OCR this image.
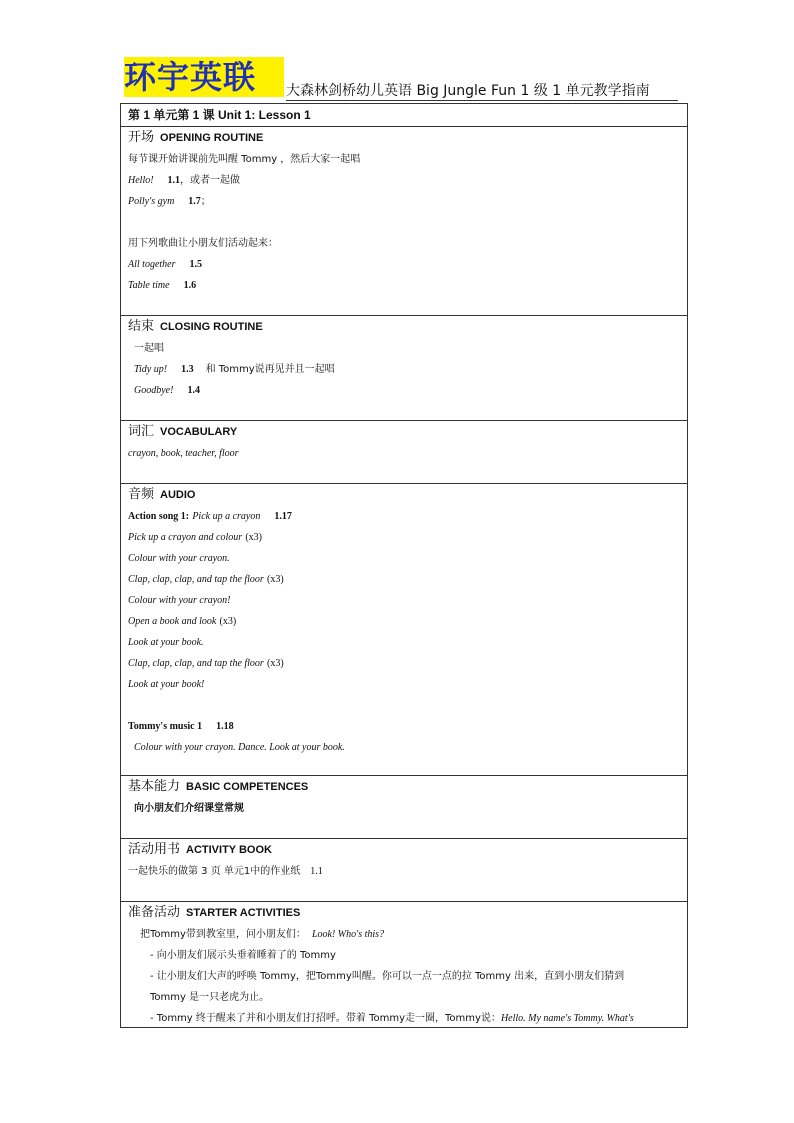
环宇英联	大森林剑桥幼儿英语 Big Jungle Fun 1 级 1 单元教学指南
第 1 单元第 1 课 Unit 1: Lesson 1
开场 OPENING ROUTINE
每节课开始讲课前先叫醒 Tommy ，然后大家一起唱
Hello! 1.1，或者一起做
Polly's gym 1.7；
用下列歌曲让小朋友们活动起来：
All together 1.5
Table time 1.6
结束 CLOSING ROUTINE
一起唱
Tidy up! 1.3 和 Tommy说再见并且一起唱
Goodbye! 1.4
词汇 VOCABULARY
crayon, book, teacher, floor
音频 AUDIO
Action song 1: Pick up a crayon 1.17
Pick up a crayon and colour (x3)
Colour with your crayon.
Clap, clap, clap, and tap the floor (x3)
Colour with your crayon!
Open a book and look (x3)
Look at your book.
Clap, clap, clap, and tap the floor (x3)
Look at your book!
Tommy's music 1 1.18
Colour with your crayon. Dance. Look at your book.
基本能力 BASIC COMPETENCES
向小朋友们介绍课堂常规
活动用书 ACTIVITY BOOK
一起快乐的做第 3 页 单元1中的作业纸 1.1
准备活动 STARTER ACTIVITIES
把Tommy带到教室里，问小朋友们： Look! Who's this?
- 向小朋友们展示头垂着睡着了的 Tommy
- 让小朋友们大声的呼唤 Tommy，把Tommy叫醒。你可以一点一点的拉 Tommy 出来，直到小朋友们猜到
Tommy 是一只老虎为止。
- Tommy 终于醒来了并和小朋友们打招呼。带着 Tommy走一圈，Tommy说：Hello. My name's Tommy. What's
